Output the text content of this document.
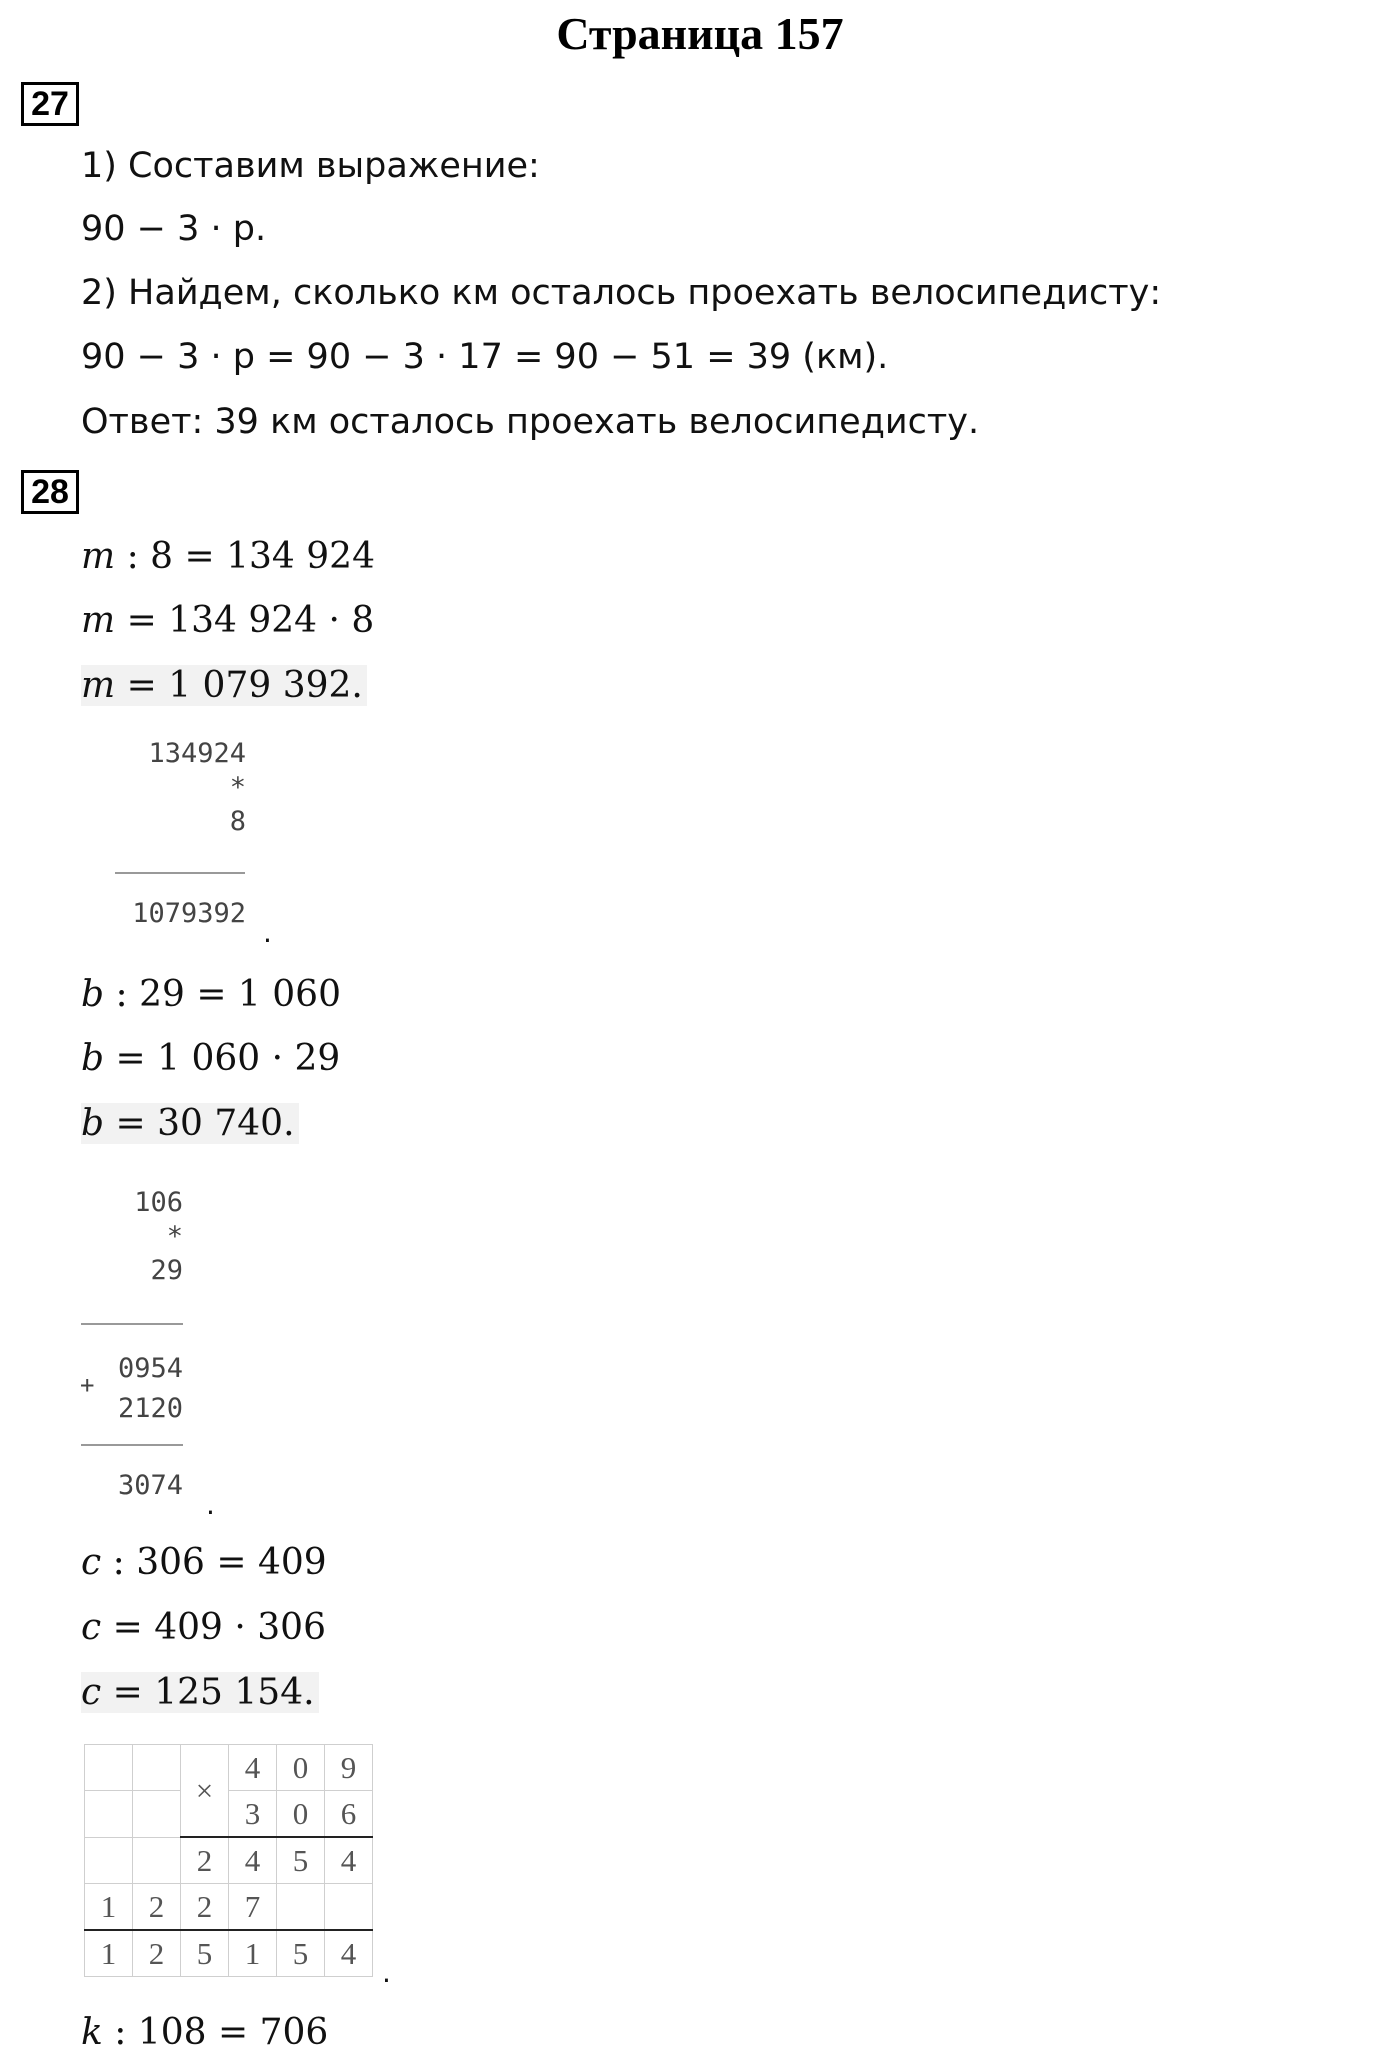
Страница 157
27
1) Составим выражение:
90 − 3 · p.
2) Найдем, сколько км осталось проехать велосипедисту:
90 − 3 · p = 90 − 3 · 17 = 90 − 51 = 39 (км).
Ответ: 39 км осталось проехать велосипедисту.
28
m : 8 = 134 924
m = 134 924 · 8
m = 1 079 392.
134924
*
8
1079392
.
b : 29 = 1 060
b = 1 060 · 29
b = 30 740.
106
*
29
0954
2120
+
3074
.
c : 306 = 409
c = 409 · 306
c = 125 154.
		×	4	0	9
			3	0	6
		2	4	5	4
1	2	2	7		
1	2	5	1	5	4
.
k : 108 = 706
